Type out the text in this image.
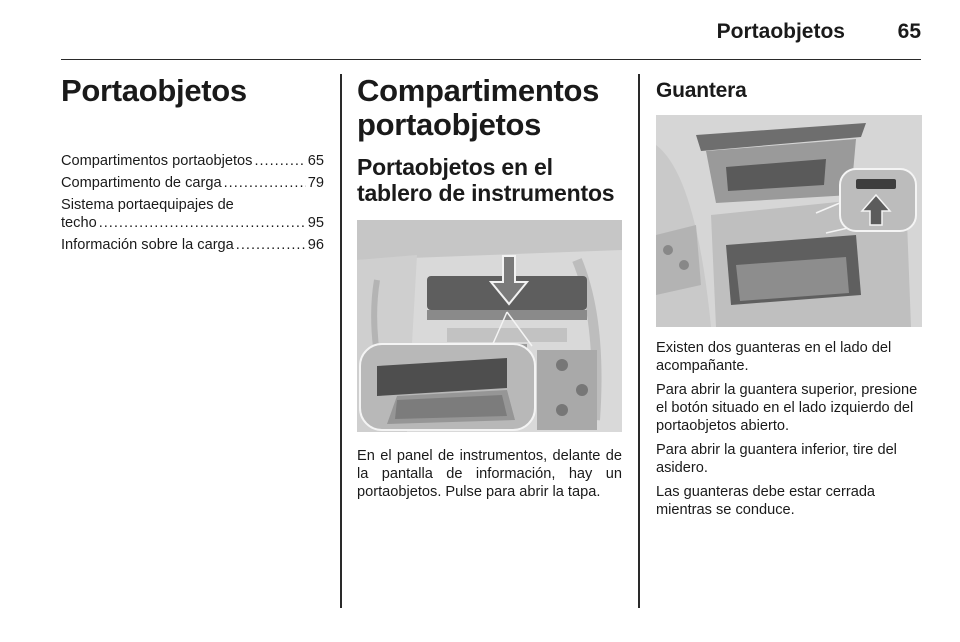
Portaobjetos	65
Portaobjetos
Compartimentos portaobjetos .....	65
Compartimento de carga .....	79
Sistema portaequipajes de
techo .....	95
Información sobre la carga .....	96
Compartimentos portaobjetos
Portaobjetos en el tablero de instrumentos

En el panel de instrumentos, delante de la pantalla de información, hay un portaobjetos. Pulse para abrir la tapa.

Guantera

Existen dos guanteras en el lado del acompañante.

Para abrir la guantera superior, presione el botón situado en el lado izquierdo del portaobjetos abierto.

Para abrir la guantera inferior, tire del asidero.

Las guanteras debe estar cerrada mientras se conduce.
